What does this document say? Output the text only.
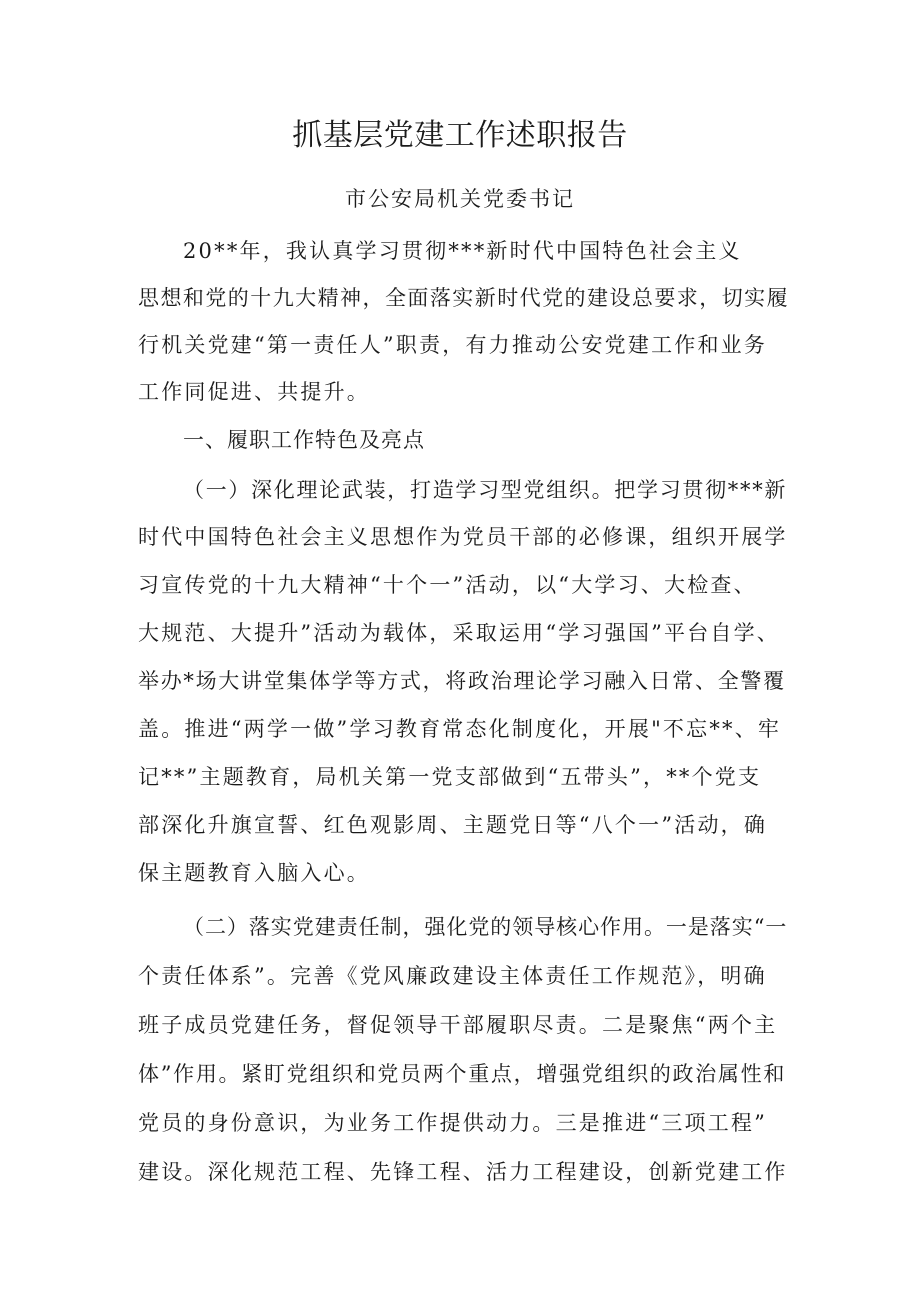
抓基层党建工作述职报告
市公安局机关党委书记
20**年，我认真学习贯彻***新时代中国特色社会主义
思想和党的十九大精神，全面落实新时代党的建设总要求，切实履
行机关党建“第一责任人”职责，有力推动公安党建工作和业务
工作同促进、共提升。
一、履职工作特色及亮点
（一）深化理论武装，打造学习型党组织。把学习贯彻***新
时代中国特色社会主义思想作为党员干部的必修课，组织开展学
习宣传党的十九大精神“十个一”活动，以“大学习、大检查、
大规范、大提升”活动为载体，采取运用“学习强国”平台自学、
举办*场大讲堂集体学等方式，将政治理论学习融入日常、全警覆
盖。推进“两学一做”学习教育常态化制度化，开展"不忘**、牢
记**”主题教育，局机关第一党支部做到“五带头”，**个党支
部深化升旗宣誓、红色观影周、主题党日等“八个一”活动，确
保主题教育入脑入心。
（二）落实党建责任制，强化党的领导核心作用。一是落实“一
个责任体系”。完善《党风廉政建设主体责任工作规范》，明确
班子成员党建任务，督促领导干部履职尽责。二是聚焦“两个主
体”作用。紧盯党组织和党员两个重点，增强党组织的政治属性和
党员的身份意识，为业务工作提供动力。三是推进“三项工程”
建设。深化规范工程、先锋工程、活力工程建设，创新党建工作
